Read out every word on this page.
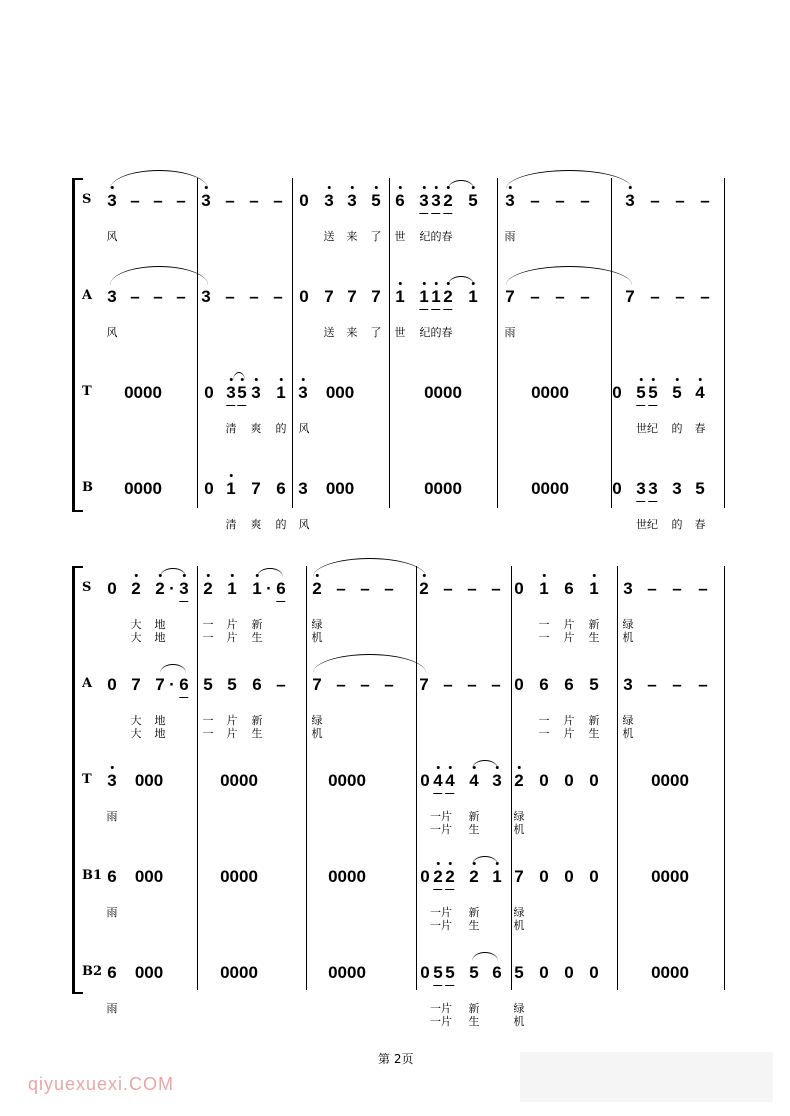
S 3 – – – 3 – – – 0 3 3 5 6 3 3 2 5 3 – – – 3 – – –
风	送 来 了 世 纪的春	雨
A 3 – – – 3 – – – 0 7 7 7 1 1 1 2 1 7 – – – 7 – – –
风	送 来 了 世 纪的春	雨
T 0000 0 3 5 3 1 3 000	0000	0000	0 5 5 5 4
清 爽 的 风	世纪 的 春
B 0000 0 1 7 6 3 000	0000	0000	0 3 3 3 5
清 爽 的 风	世纪 的 春
S 0 2 2 · 3 2 1 1 · 6 2 – – – 2 – – – 0 1 6 1 3 – – –
大 地	一 片 新	绿	一 片 新 绿
大 地	一 片 生	机	一 片 生 机
A 0 7 7 · 6 5 5 6 – 7 – – – 7 – – – 0 6 6 5 3 – – –
大 地	一 片 新	绿	一 片 新 绿
大 地	一 片 生	机	一 片 生 机
T 3 000	0000	0000	0 4 4 4 3 2 0 0 0	0000
雨	一片 新	绿
一片 生	机
B1 6 000	0000	0000	0 2 2 2 1 7 0 0 0	0000
雨	一片 新	绿
一片 生	机
B2 6 000	0000	0000	0 5 5 5 6 5 0 0 0	0000
雨	一片 新	绿
一片 生	机
第 2页
qiyuexuexi.COM
